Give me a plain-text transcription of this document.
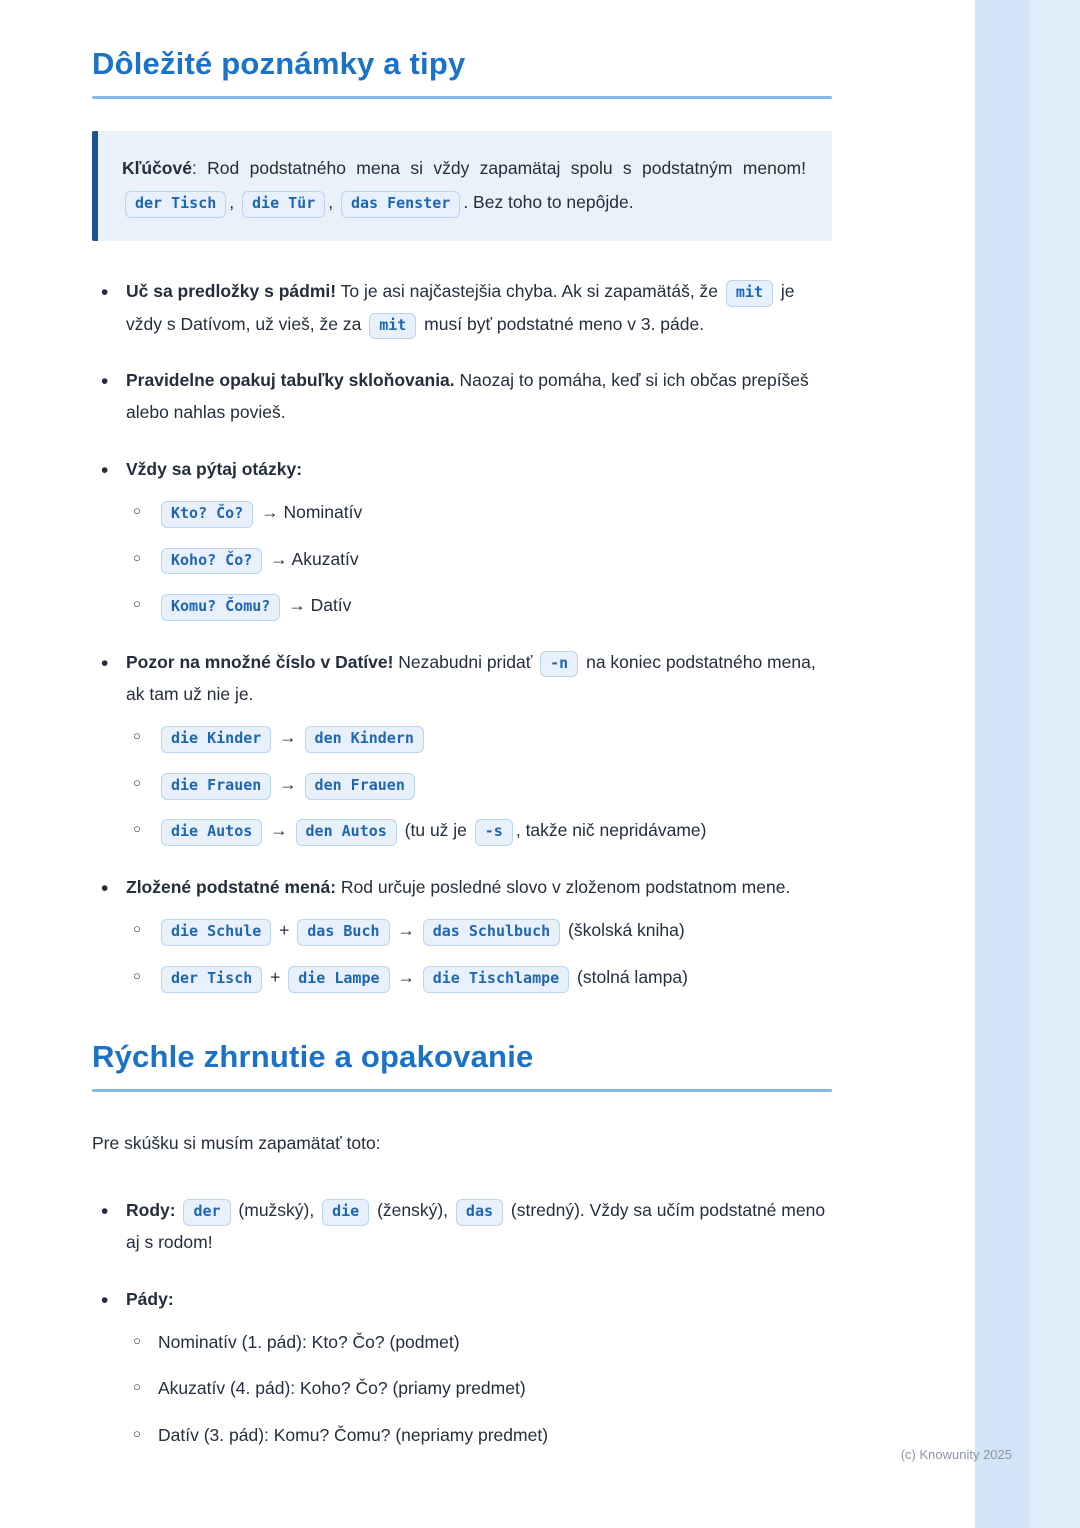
Dôležité poznámky a tipy

Kľúčové: Rod podstatného mena si vždy zapamätaj spolu s podstatným menom! der Tisch , die Tür , das Fenster . Bez toho to nepôjde.

• Uč sa predložky s pádmi! To je asi najčastejšia chyba. Ak si zapamätáš, že mit je vždy s Datívom, už vieš, že za mit musí byť podstatné meno v 3. páde.
• Pravidelne opakuj tabuľky skloňovania. Naozaj to pomáha, keď si ich občas prepíšeš alebo nahlas povieš.
• Vždy sa pýtaj otázky:
○ Kto? Čo? → Nominatív
○ Koho? Čo? → Akuzatív
○ Komu? Čomu? → Datív
• Pozor na množné číslo v Datíve! Nezabudni pridať -n na koniec podstatného mena, ak tam už nie je.
○ die Kinder → den Kindern
○ die Frauen → den Frauen
○ die Autos → den Autos (tu už je -s , takže nič nepridávame)
• Zložené podstatné mená: Rod určuje posledné slovo v zloženom podstatnom mene.
○ die Schule + das Buch → das Schulbuch (školská kniha)
○ der Tisch + die Lampe → die Tischlampe (stolná lampa)
Rýchle zhrnutie a opakovanie

Pre skúšku si musím zapamätať toto:

• Rody: der (mužský), die (ženský), das (stredný). Vždy sa učím podstatné meno aj s rodom!
• Pády:
○ Nominatív (1. pád): Kto? Čo? (podmet)
○ Akuzatív (4. pád): Koho? Čo? (priamy predmet)
○ Datív (3. pád): Komu? Čomu? (nepriamy predmet)
(c) Knowunity 2025
